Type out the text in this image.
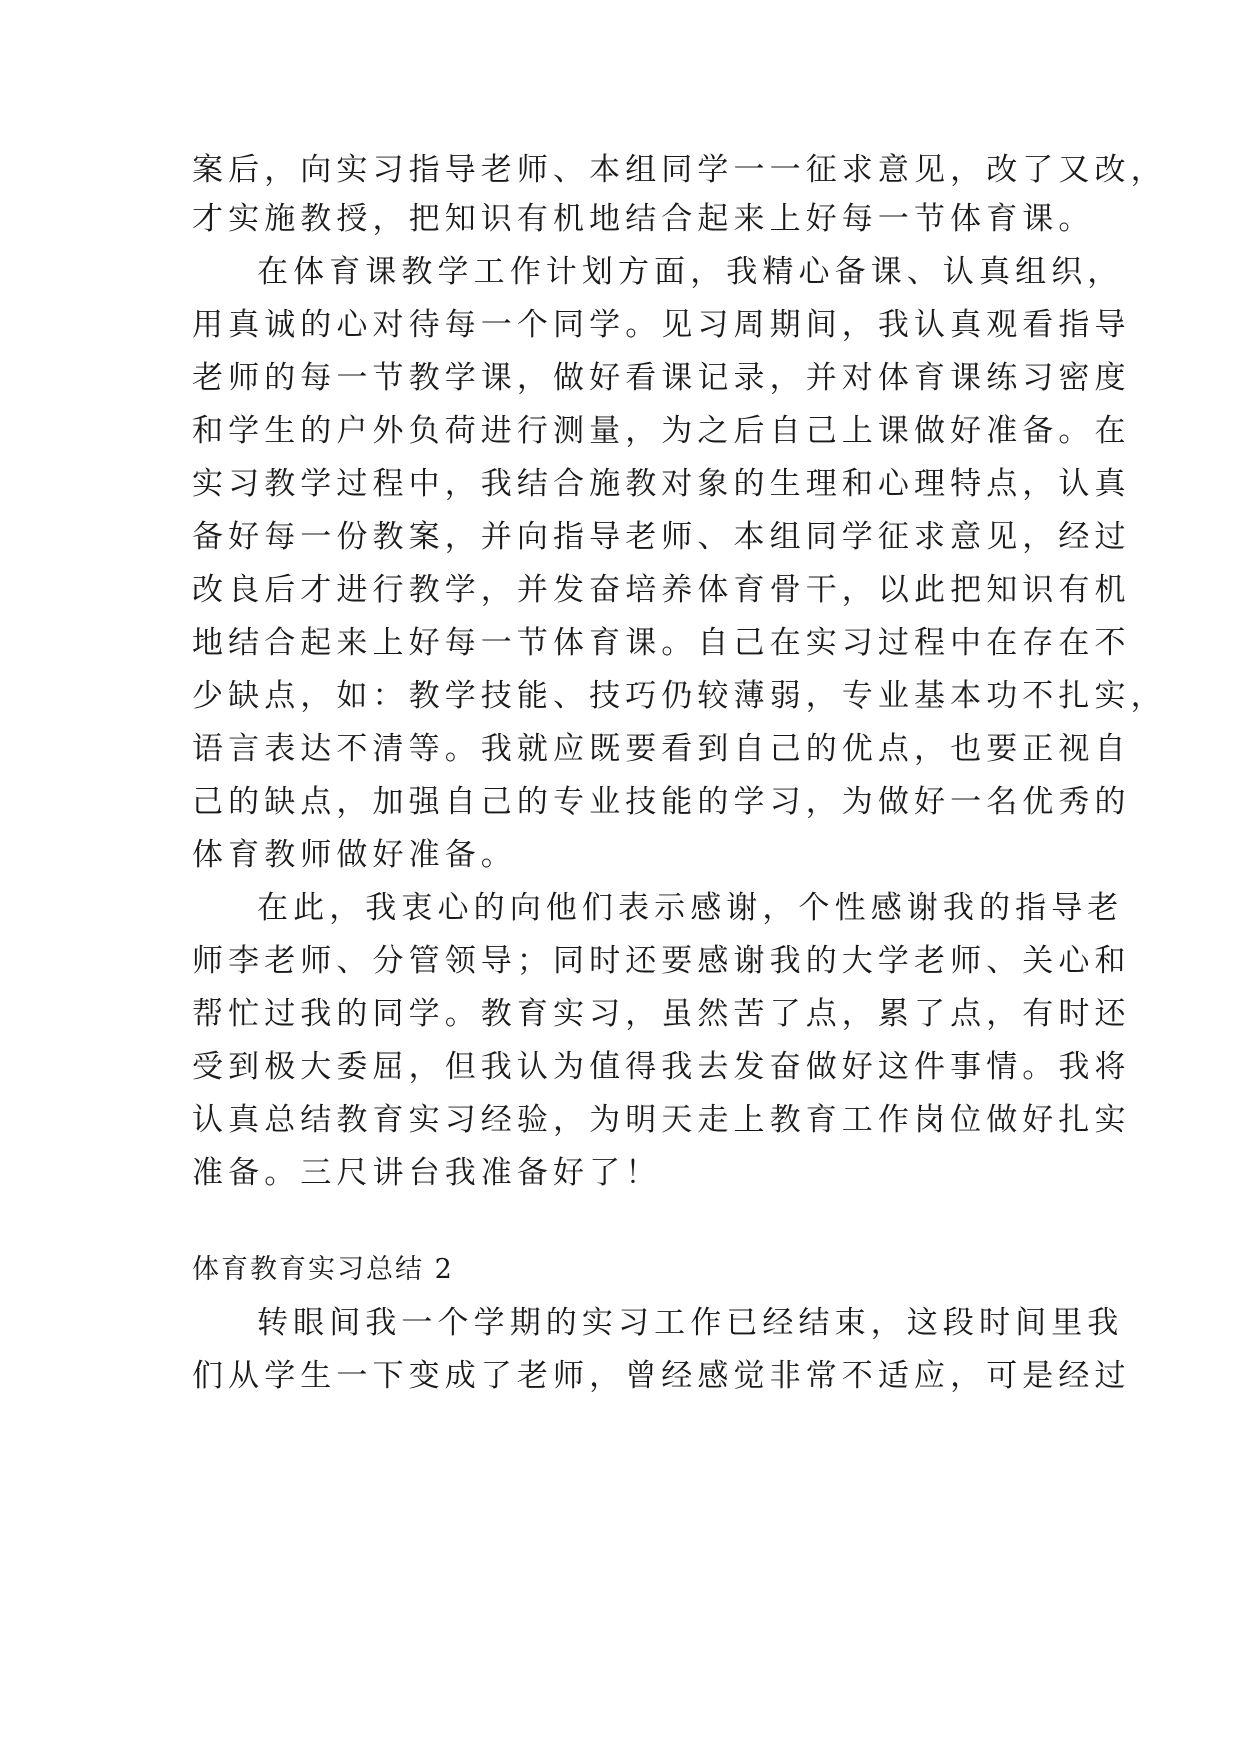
案后，向实习指导老师、本组同学一一征求意见，改了又改，
才实施教授，把知识有机地结合起来上好每一节体育课。
在体育课教学工作计划方面，我精心备课、认真组织，
用真诚的心对待每一个同学。见习周期间，我认真观看指导
老师的每一节教学课，做好看课记录，并对体育课练习密度
和学生的户外负荷进行测量，为之后自己上课做好准备。在
实习教学过程中，我结合施教对象的生理和心理特点，认真
备好每一份教案，并向指导老师、本组同学征求意见，经过
改良后才进行教学，并发奋培养体育骨干，以此把知识有机
地结合起来上好每一节体育课。自己在实习过程中在存在不
少缺点，如：教学技能、技巧仍较薄弱，专业基本功不扎实，
语言表达不清等。我就应既要看到自己的优点，也要正视自
己的缺点，加强自己的专业技能的学习，为做好一名优秀的
体育教师做好准备。
在此，我衷心的向他们表示感谢，个性感谢我的指导老
师李老师、分管领导；同时还要感谢我的大学老师、关心和
帮忙过我的同学。教育实习，虽然苦了点，累了点，有时还
受到极大委屈，但我认为值得我去发奋做好这件事情。我将
认真总结教育实习经验，为明天走上教育工作岗位做好扎实
准备。三尺讲台我准备好了！
体育教育实习总结 2
转眼间我一个学期的实习工作已经结束，这段时间里我
们从学生一下变成了老师，曾经感觉非常不适应，可是经过
